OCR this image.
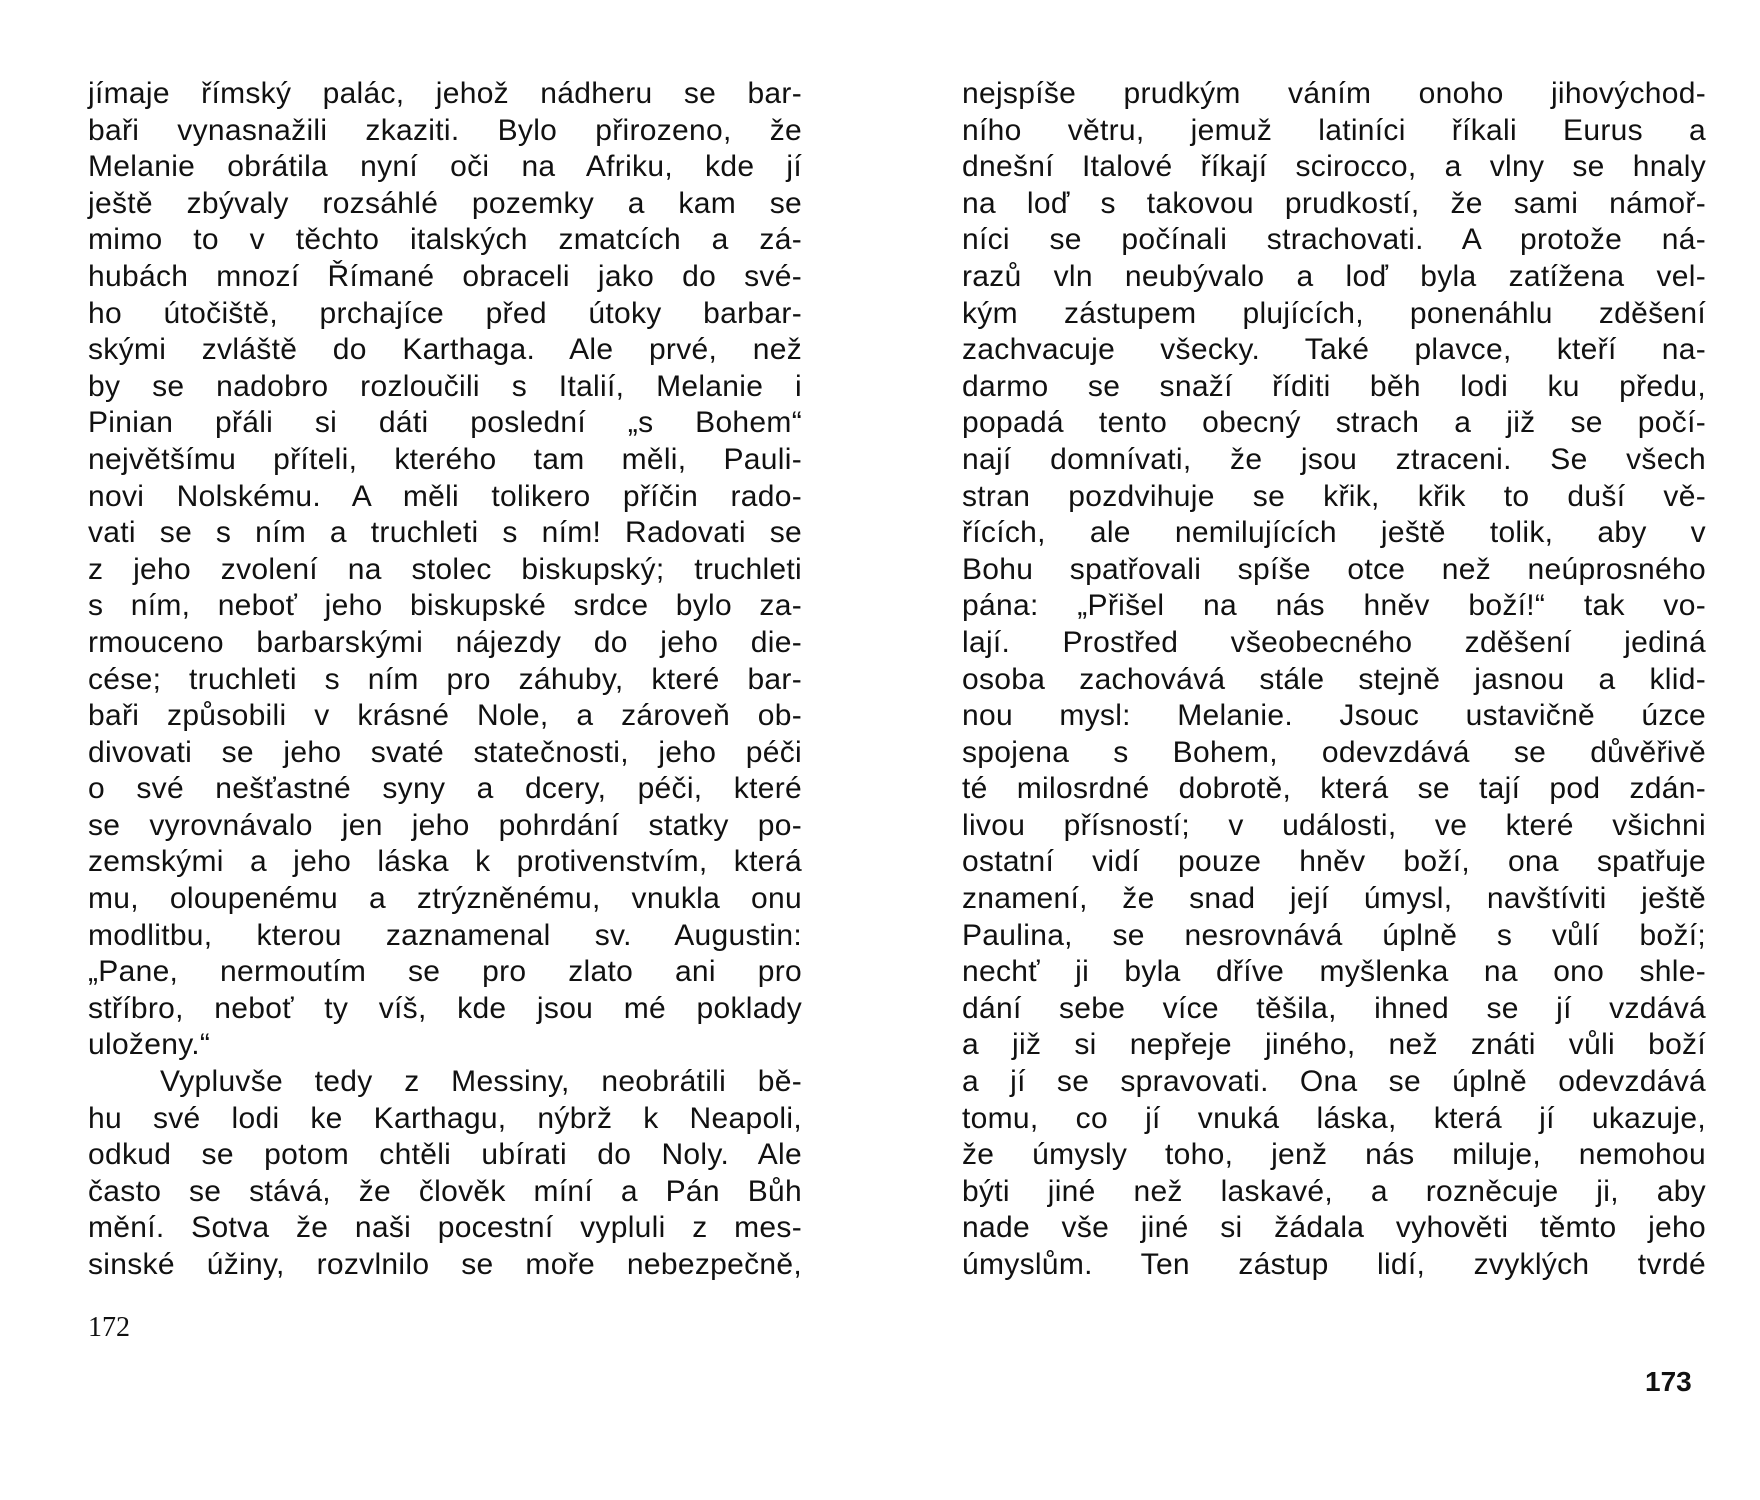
jímaje římský palác, jehož nádheru se bar-
baři vynasnažili zkaziti. Bylo přirozeno, že
Melanie obrátila nyní oči na Afriku, kde jí
ještě zbývaly rozsáhlé pozemky a kam se
mimo to v těchto italských zmatcích a zá-
hubách mnozí Římané obraceli jako do své-
ho útočiště, prchajíce před útoky barbar-
skými zvláště do Karthaga. Ale prvé, než
by se nadobro rozloučili s Italií, Melanie i
Pinian přáli si dáti poslední „s Bohem“
největšímu příteli, kterého tam měli, Pauli-
novi Nolskému. A měli tolikero příčin rado-
vati se s ním a truchleti s ním! Radovati se
z jeho zvolení na stolec biskupský; truchleti
s ním, neboť jeho biskupské srdce bylo za-
rmouceno barbarskými nájezdy do jeho die-
cése; truchleti s ním pro záhuby, které bar-
baři způsobili v krásné Nole, a zároveň ob-
divovati se jeho svaté statečnosti, jeho péči
o své nešťastné syny a dcery, péči, které
se vyrovnávalo jen jeho pohrdání statky po-
zemskými a jeho láska k protivenstvím, která
mu, oloupenému a ztrýzněnému, vnukla onu
modlitbu, kterou zaznamenal sv. Augustin:
„Pane, nermoutím se pro zlato ani pro
stříbro, neboť ty víš, kde jsou mé poklady
uloženy.“
Vypluvše tedy z Messiny, neobrátili bě-
hu své lodi ke Karthagu, nýbrž k Neapoli,
odkud se potom chtěli ubírati do Noly. Ale
často se stává, že člověk míní a Pán Bůh
mění. Sotva že naši pocestní vypluli z mes-
sinské úžiny, rozvlnilo se moře nebezpečně,
172
nejspíše prudkým váním onoho jihovýchod-
ního větru, jemuž latiníci říkali Eurus a
dnešní Italové říkají scirocco, a vlny se hnaly
na loď s takovou prudkostí, že sami námoř-
níci se počínali strachovati. A protože ná-
razů vln neubývalo a loď byla zatížena vel-
kým zástupem plujících, ponenáhlu zděšení
zachvacuje všecky. Také plavce, kteří na-
darmo se snaží říditi běh lodi ku předu,
popadá tento obecný strach a již se počí-
nají domnívati, že jsou ztraceni. Se všech
stran pozdvihuje se křik, křik to duší vě-
řících, ale nemilujících ještě tolik, aby v
Bohu spatřovali spíše otce než neúprosného
pána: „Přišel na nás hněv boží!“ tak vo-
lají. Prostřed všeobecného zděšení jediná
osoba zachovává stále stejně jasnou a klid-
nou mysl: Melanie. Jsouc ustavičně úzce
spojena s Bohem, odevzdává se důvěřivě
té milosrdné dobrotě, která se tají pod zdán-
livou přísností; v události, ve které všichni
ostatní vidí pouze hněv boží, ona spatřuje
znamení, že snad její úmysl, navštíviti ještě
Paulina, se nesrovnává úplně s vůlí boží;
nechť ji byla dříve myšlenka na ono shle-
dání sebe více těšila, ihned se jí vzdává
a již si nepřeje jiného, než znáti vůli boží
a jí se spravovati. Ona se úplně odevzdává
tomu, co jí vnuká láska, která jí ukazuje,
že úmysly toho, jenž nás miluje, nemohou
býti jiné než laskavé, a rozněcuje ji, aby
nade vše jiné si žádala vyhověti těmto jeho
úmyslům. Ten zástup lidí, zvyklých tvrdé
173
